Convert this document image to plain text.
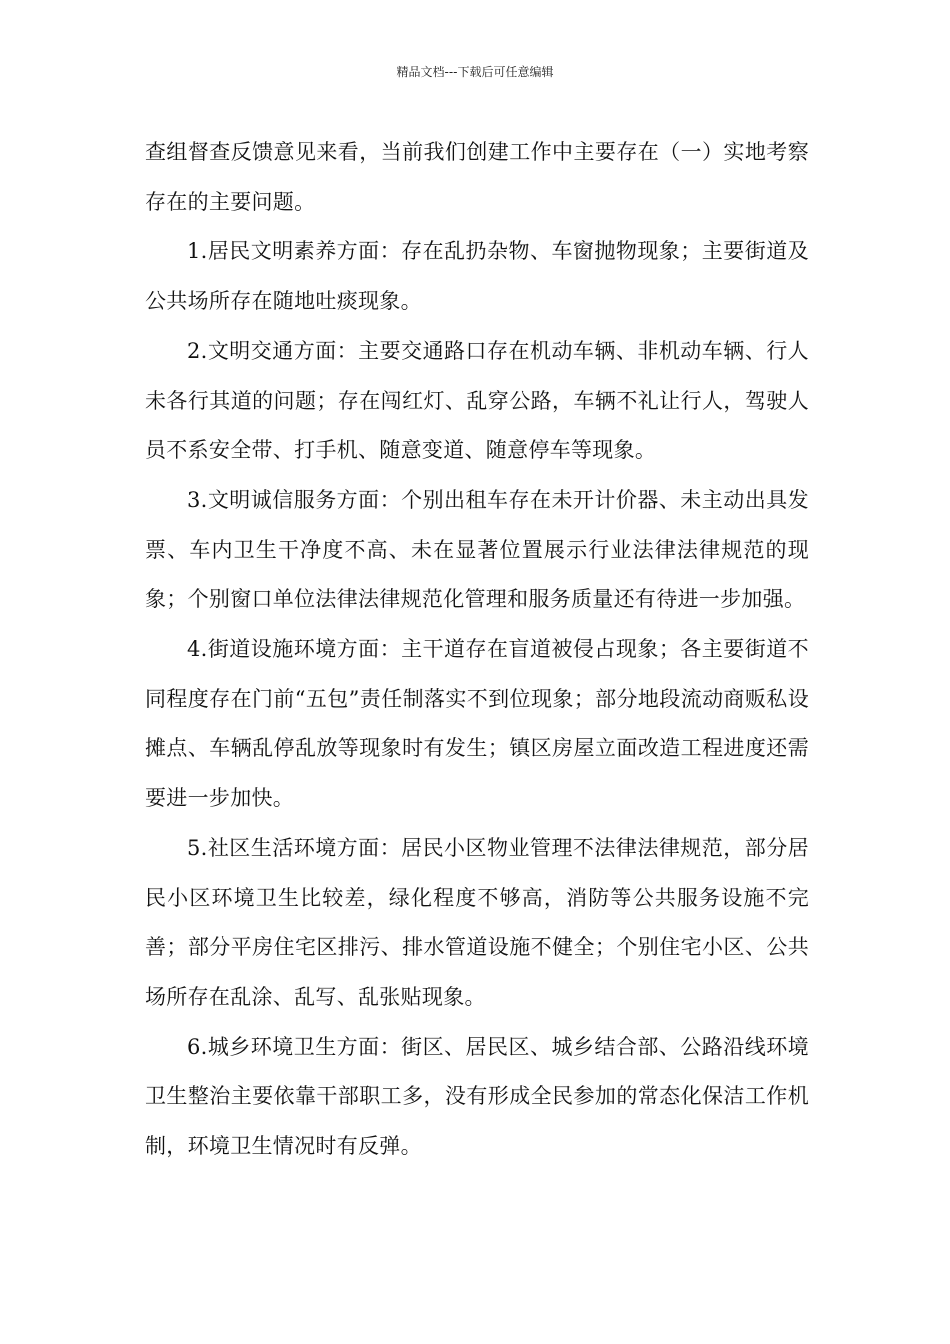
精品文档---下载后可任意编辑

查组督查反馈意见来看，当前我们创建工作中主要存在（一）实地考察存在的主要问题。

1.居民文明素养方面：存在乱扔杂物、车窗抛物现象；主要街道及公共场所存在随地吐痰现象。

2.文明交通方面：主要交通路口存在机动车辆、非机动车辆、行人未各行其道的问题；存在闯红灯、乱穿公路，车辆不礼让行人，驾驶人员不系安全带、打手机、随意变道、随意停车等现象。

3.文明诚信服务方面：个别出租车存在未开计价器、未主动出具发票、车内卫生干净度不高、未在显著位置展示行业法律法律规范的现象；个别窗口单位法律法律规范化管理和服务质量还有待进一步加强。

4.街道设施环境方面：主干道存在盲道被侵占现象；各主要街道不同程度存在门前“五包”责任制落实不到位现象；部分地段流动商贩私设摊点、车辆乱停乱放等现象时有发生；镇区房屋立面改造工程进度还需要进一步加快。

5.社区生活环境方面：居民小区物业管理不法律法律规范，部分居民小区环境卫生比较差，绿化程度不够高，消防等公共服务设施不完善；部分平房住宅区排污、排水管道设施不健全；个别住宅小区、公共场所存在乱涂、乱写、乱张贴现象。

6.城乡环境卫生方面：街区、居民区、城乡结合部、公路沿线环境卫生整治主要依靠干部职工多，没有形成全民参加的常态化保洁工作机制，环境卫生情况时有反弹。
